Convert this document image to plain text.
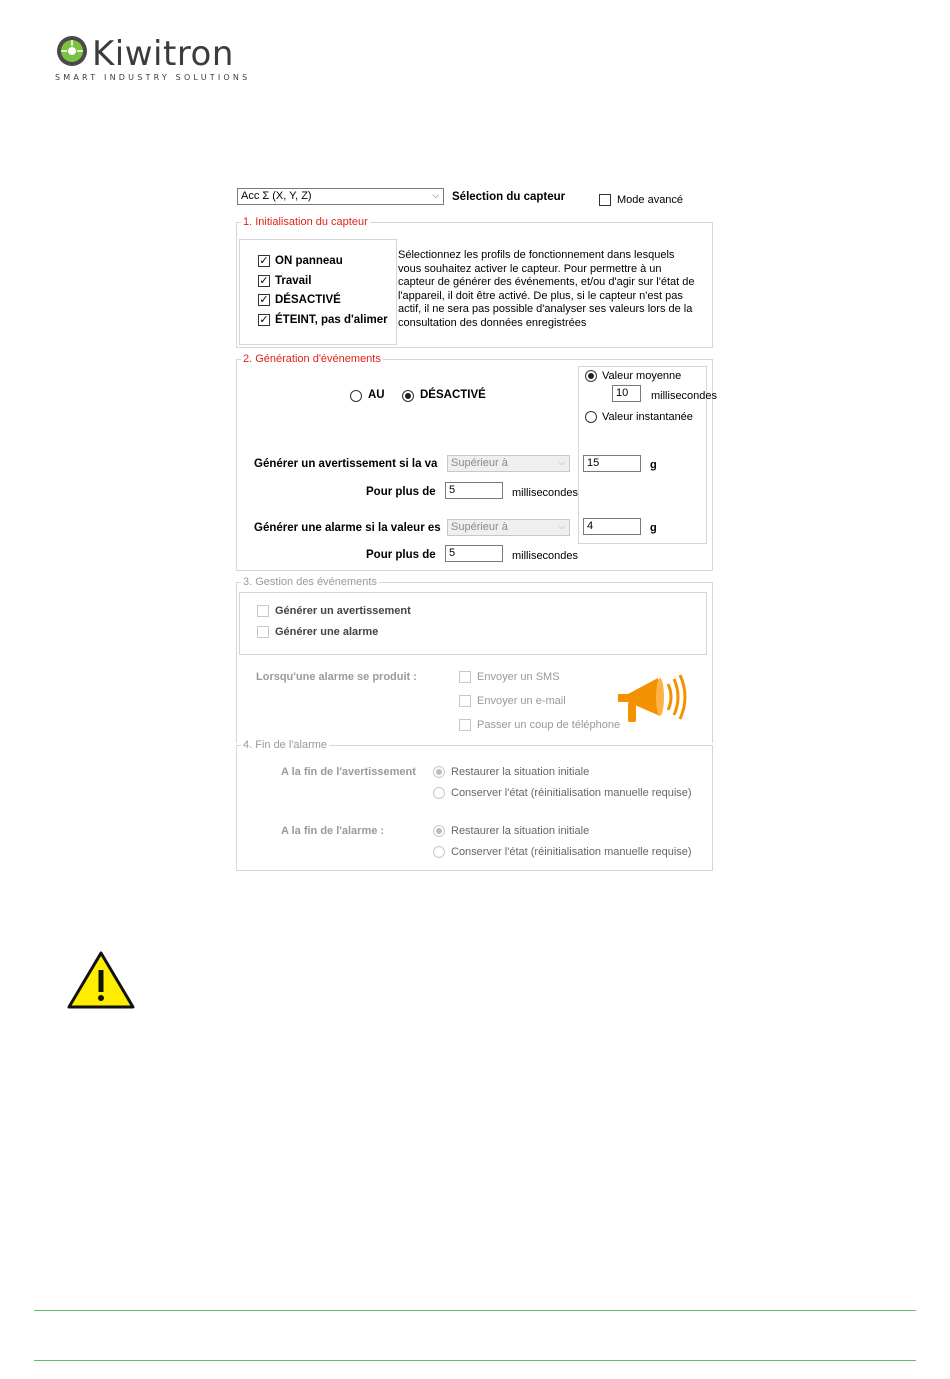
Kiwitron
SMART INDUSTRY SOLUTIONS
Acc Σ (X, Y, Z)	⌵ Sélection du capteur	Mode avancé
1. Initialisation du capteur
✓ ON panneau
✓ Travail
✓ DÉSACTIVÉ
✓ ÉTEINT, pas d'alimer
Sélectionnez les profils de fonctionnement dans lesquels
vous souhaitez activer le capteur. Pour permettre à un
capteur de générer des événements, et/ou d'agir sur l'état de
l'appareil, il doit être activé. De plus, si le capteur n'est pas
actif, il ne sera pas possible d'analyser ses valeurs lors de la
consultation des données enregistrées
2. Génération d'événements
AU	DÉSACTIVÉ
Valeur moyenne
10	millisecondes
Valeur instantanée
Générer un avertissement si la va	Supérieur à	⌵	15	g
Pour plus de	5	millisecondes
Générer une alarme si la valeur es Supérieur à	⌵	4	g
Pour plus de	5	millisecondes
3. Gestion des événements
Générer un avertissement
Générer une alarme
Lorsqu'une alarme se produit :	Envoyer un SMS
Envoyer un e-mail
Passer un coup de téléphone
4. Fin de l'alarme
A la fin de l'avertissement	Restaurer la situation initiale
Conserver l'état (réinitialisation manuelle requise)
A la fin de l'alarme :	Restaurer la situation initiale
Conserver l'état (réinitialisation manuelle requise)
